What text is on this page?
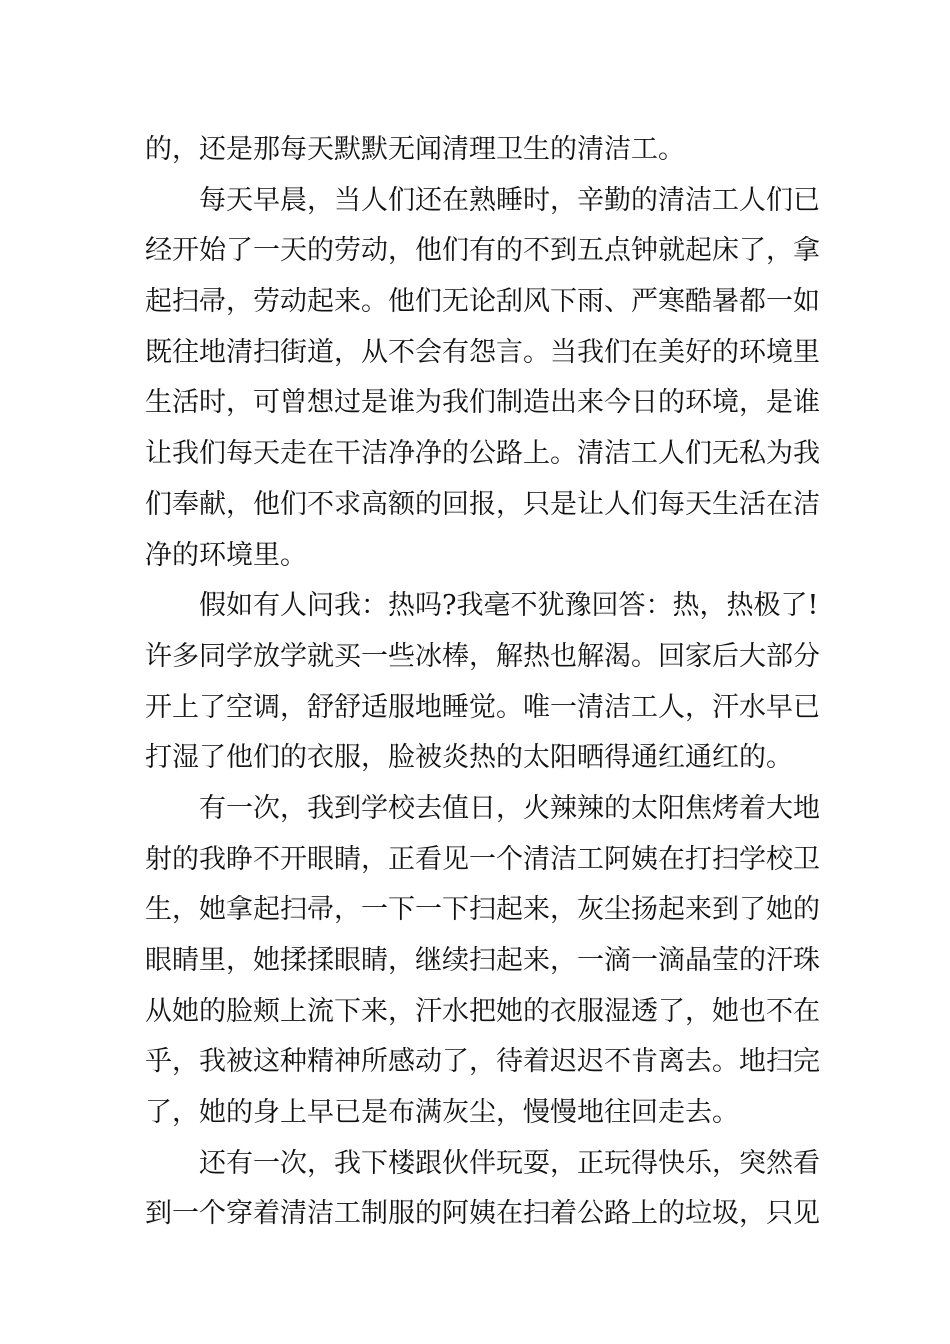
的，还是那每天默默无闻清理卫生的清洁工。
每天早晨，当人们还在熟睡时，辛勤的清洁工人们已
经开始了一天的劳动，他们有的不到五点钟就起床了，拿
起扫帚，劳动起来。他们无论刮风下雨、严寒酷暑都一如
既往地清扫街道，从不会有怨言。当我们在美好的环境里
生活时，可曾想过是谁为我们制造出来今日的环境，是谁
让我们每天走在干洁净净的公路上。清洁工人们无私为我
们奉献，他们不求高额的回报，只是让人们每天生活在洁
净的环境里。
假如有人问我：热吗?我毫不犹豫回答：热，热极了!
许多同学放学就买一些冰棒，解热也解渴。回家后大部分
开上了空调，舒舒适服地睡觉。唯一清洁工人，汗水早已
打湿了他们的衣服，脸被炎热的太阳晒得通红通红的。
有一次，我到学校去值日，火辣辣的太阳焦烤着大地
射的我睁不开眼睛，正看见一个清洁工阿姨在打扫学校卫
生，她拿起扫帚，一下一下扫起来，灰尘扬起来到了她的
眼睛里，她揉揉眼睛，继续扫起来，一滴一滴晶莹的汗珠
从她的脸颊上流下来，汗水把她的衣服湿透了，她也不在
乎，我被这种精神所感动了，待着迟迟不肯离去。地扫完
了，她的身上早已是布满灰尘，慢慢地往回走去。
还有一次，我下楼跟伙伴玩耍，正玩得快乐，突然看
到一个穿着清洁工制服的阿姨在扫着公路上的垃圾，只见
